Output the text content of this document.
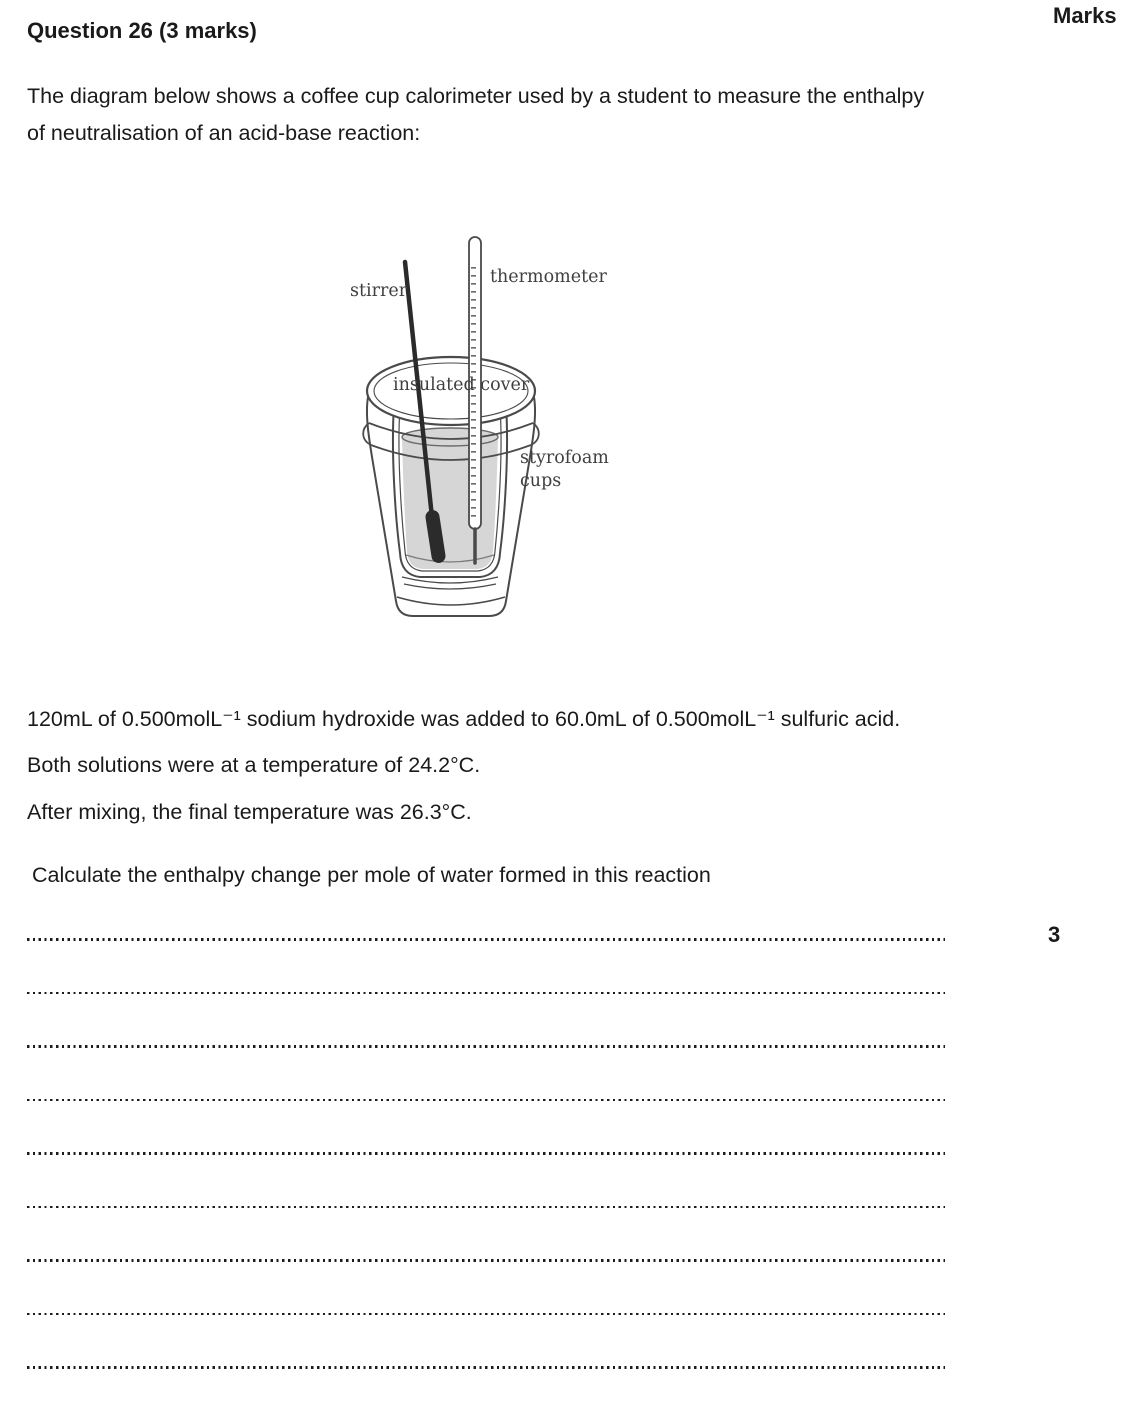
Marks
Question 26 (3 marks)

The diagram below shows a coffee cup calorimeter used by a student to measure the enthalpy
of neutralisation of an acid-base reaction:

stirrer
thermometer
insulated cover
styrofoam
cups

120mL of 0.500molL⁻¹ sodium hydroxide was added to 60.0mL of 0.500molL⁻¹ sulfuric acid.

Both solutions were at a temperature of 24.2°C.

After mixing, the final temperature was 26.3°C.

Calculate the enthalpy change per mole of water formed in this reaction

3
